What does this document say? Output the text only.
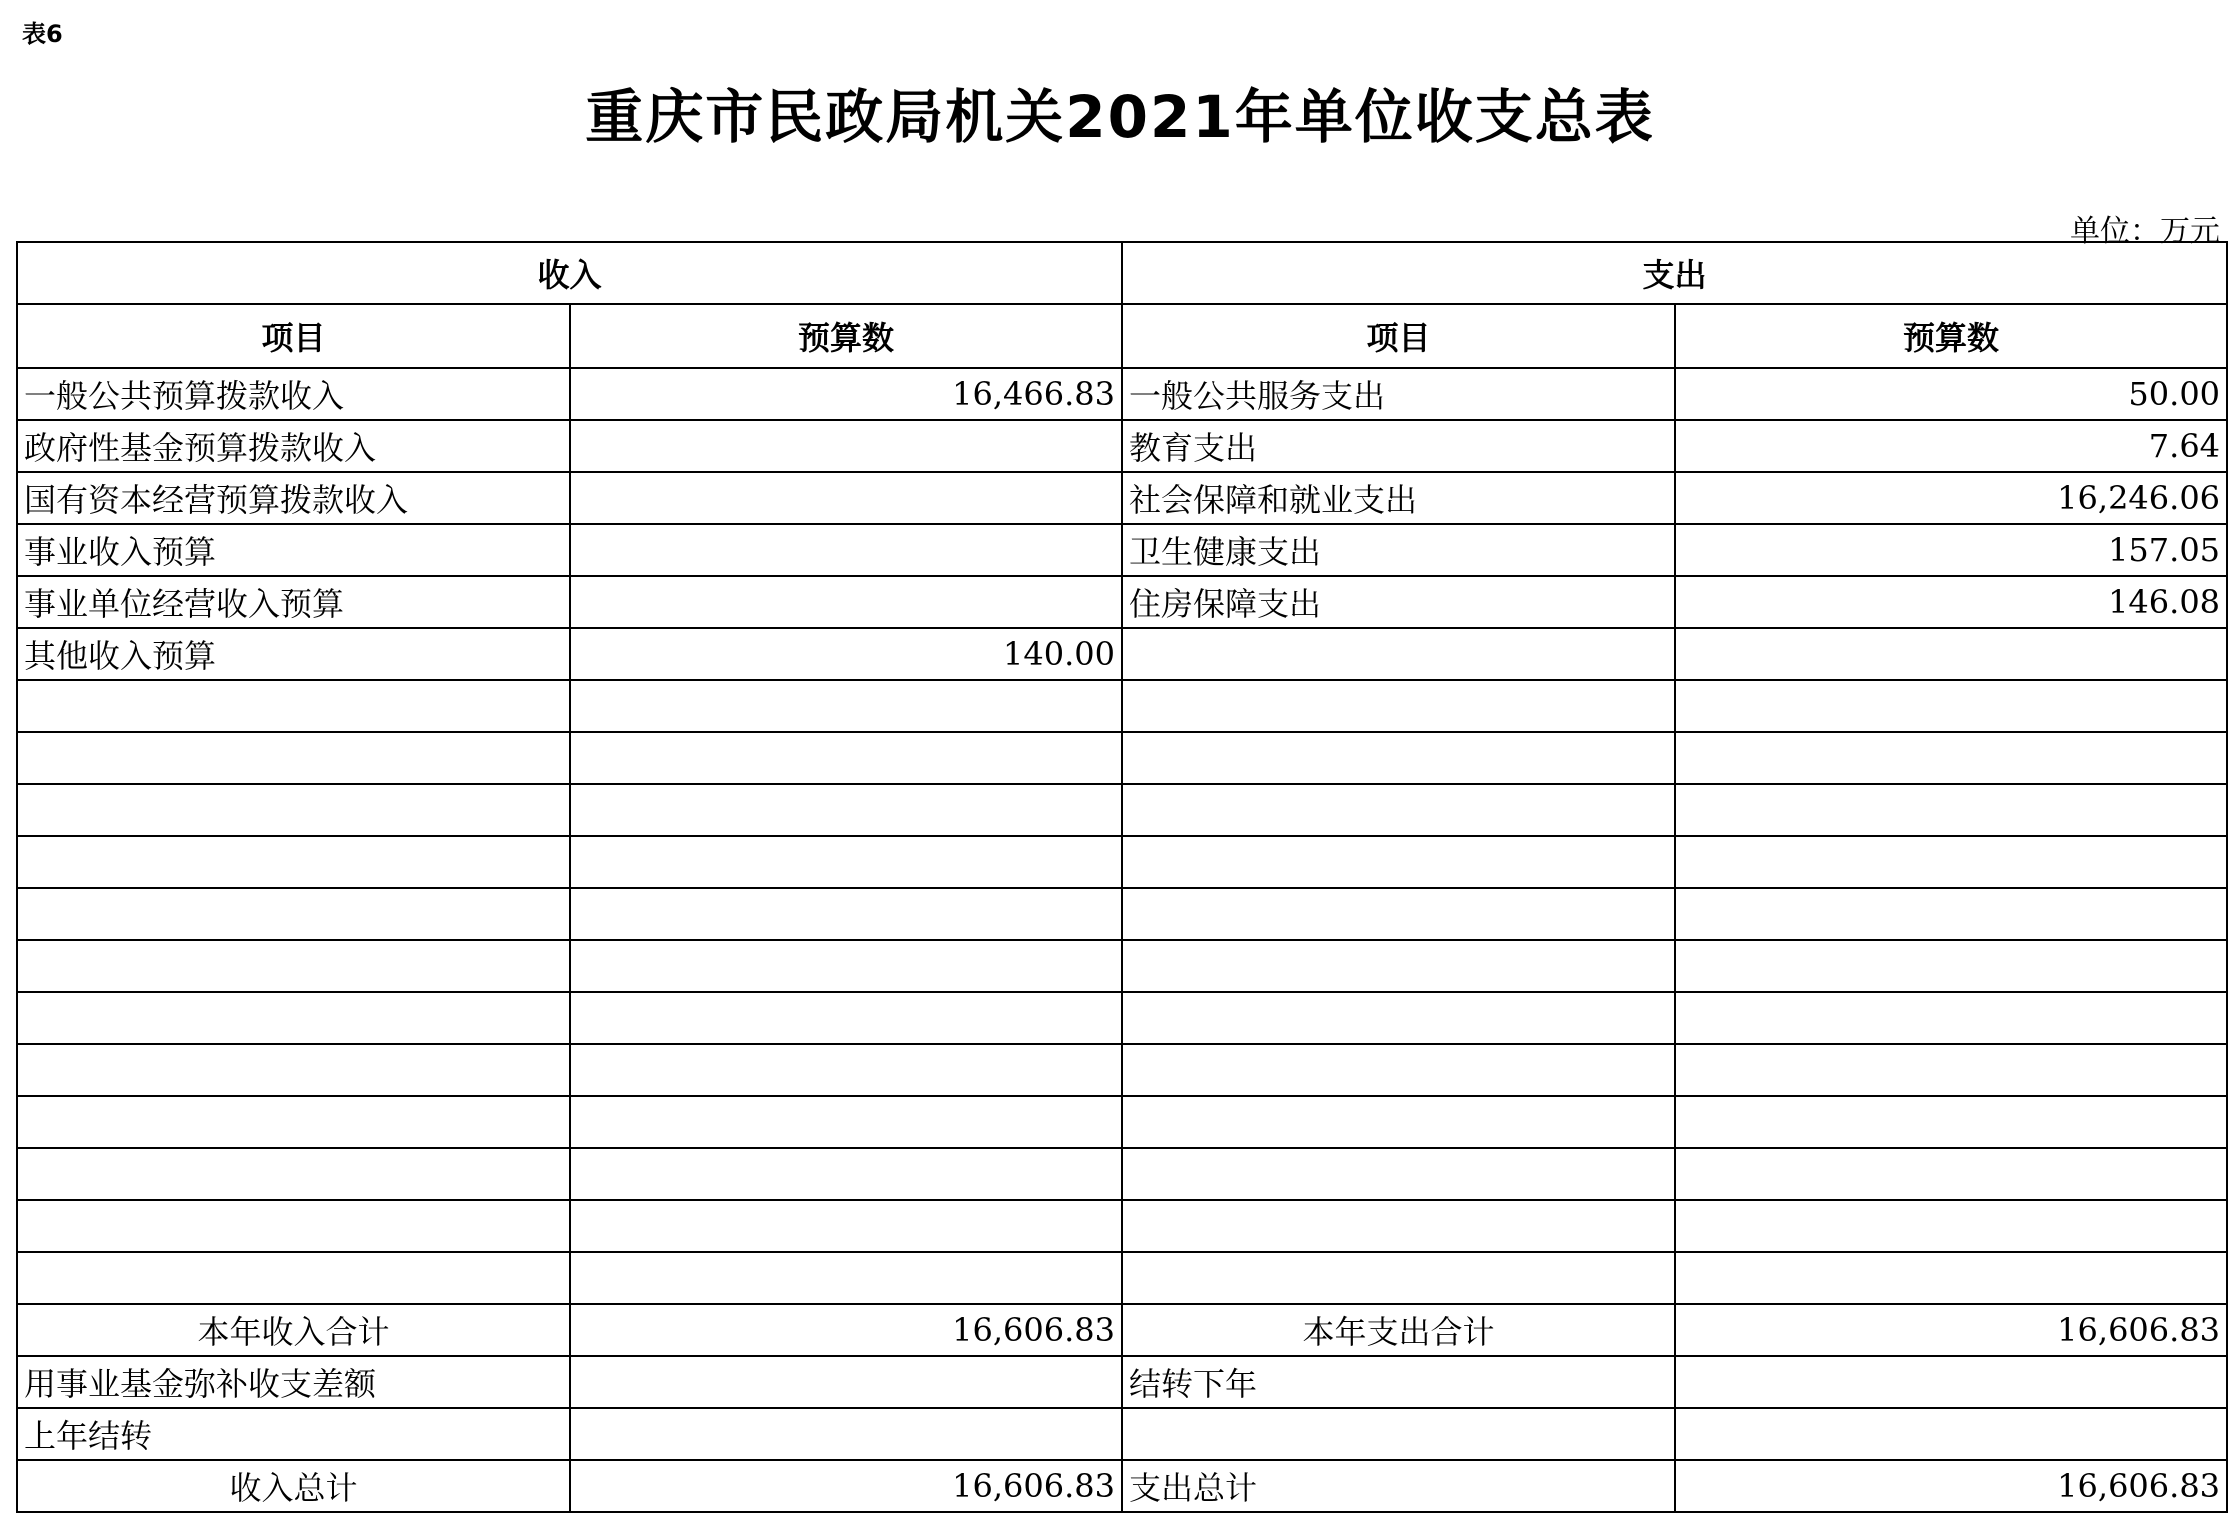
表6
重庆市民政局机关2021年单位收支总表
单位：万元
收入		支出	
项目	预算数	项目	预算数
一般公共预算拨款收入	16,466.83	一般公共服务支出	50.00
政府性基金预算拨款收入		教育支出	7.64
国有资本经营预算拨款收入		社会保障和就业支出	16,246.06
事业收入预算		卫生健康支出	157.05
事业单位经营收入预算		住房保障支出	146.08
其他收入预算	140.00		

本年收入合计	16,606.83	本年支出合计	16,606.83
用事业基金弥补收支差额		结转下年	
上年结转			
收入总计	16,606.83	支出总计	16,606.83
